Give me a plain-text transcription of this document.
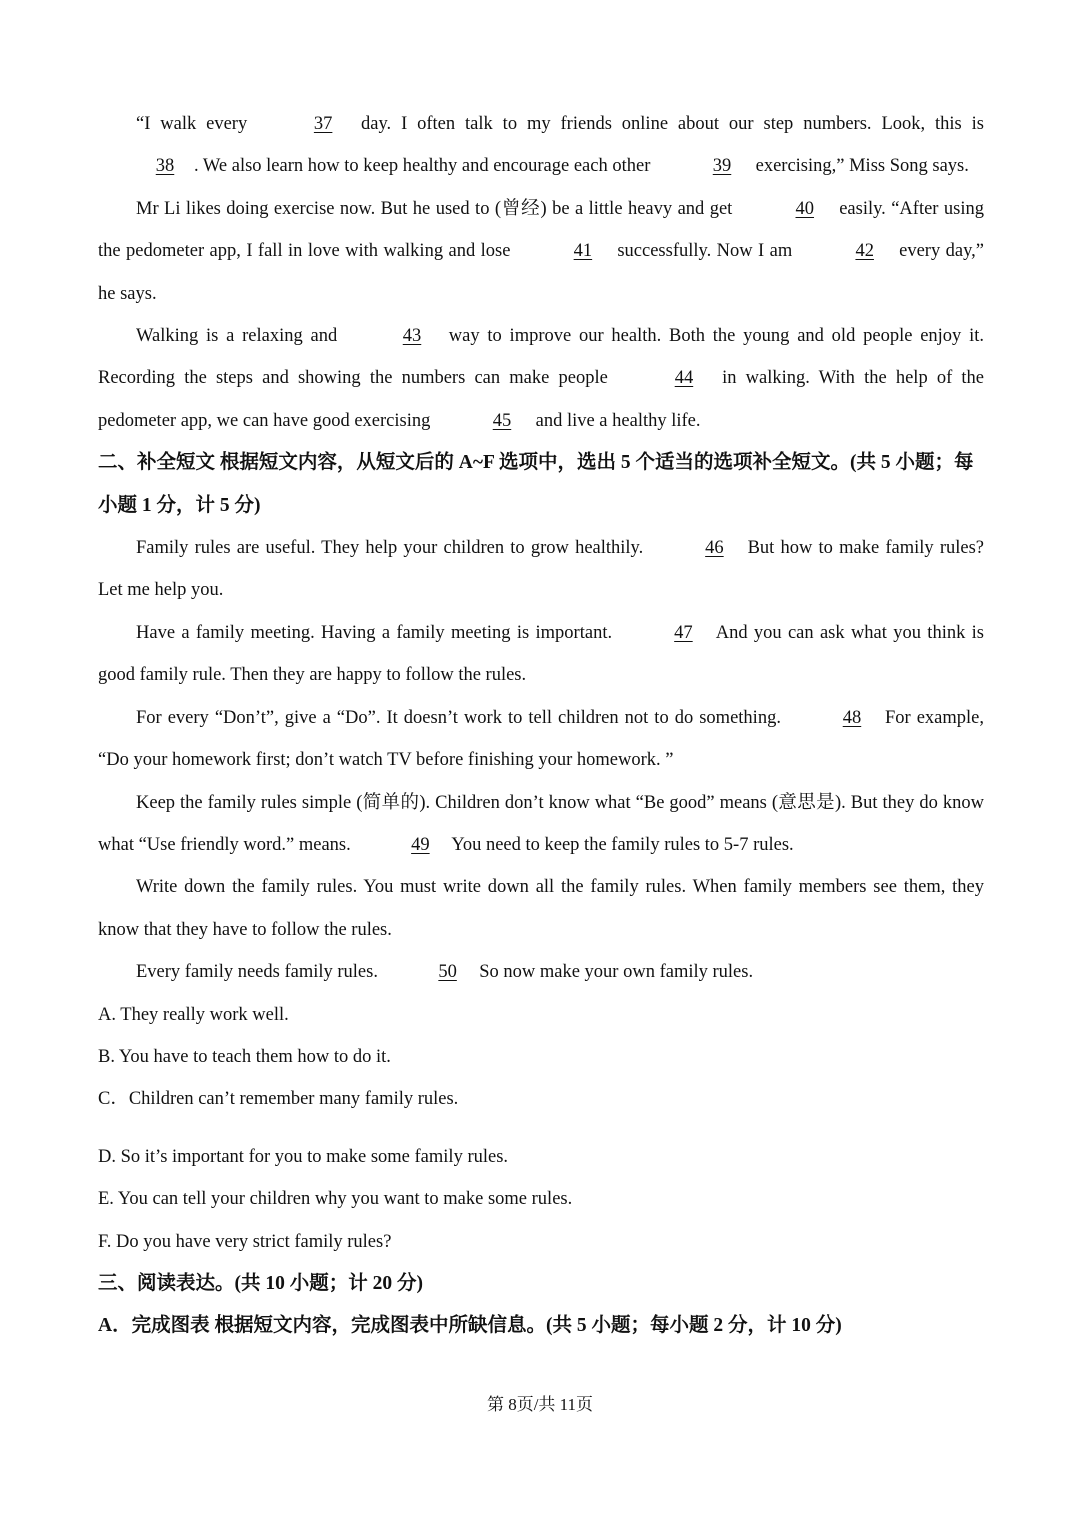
“I walk every	37 day. I often talk to my friends online about our step numbers. Look, this is 38 . We also learn how to keep healthy and encourage each other	39 exercising,” Miss Song says.

Mr Li likes doing exercise now. But he used to (曾经) be a little heavy and get	40 easily. “After using the pedometer app, I fall in love with walking and lose	41 successfully. Now I am	42 every day,” he says.

Walking is a relaxing and	43 way to improve our health. Both the young and old people enjoy it. Recording the steps and showing the numbers can make people	44 in walking. With the help of the pedometer app, we can have good exercising	45 and live a healthy life.

二、补全短文 根据短文内容，从短文后的 A~F 选项中，选出 5 个适当的选项补全短文。(共 5 小题；每小题 1 分，计 5 分)

Family rules are useful. They help your children to grow healthily.	46 But how to make family rules? Let me help you.

Have a family meeting. Having a family meeting is important.	47 And you can ask what you think is good family rule. Then they are happy to follow the rules.

For every “Don’t”, give a “Do”. It doesn’t work to tell children not to do something.	48 For example, “Do your homework first; don’t watch TV before finishing your homework. ”

Keep the family rules simple (简单的). Children don’t know what “Be good” means (意思是). But they do know what “Use friendly word.” means.	49 You need to keep the family rules to 5-7 rules.

Write down the family rules. You must write down all the family rules. When family members see them, they know that they have to follow the rules.

Every family needs family rules.	50 So now make your own family rules.

A. They really work well.

B. You have to teach them how to do it.

C．Children can’t remember many family rules.

D. So it’s important for you to make some family rules.

E. You can tell your children why you want to make some rules.

F. Do you have very strict family rules?

三、阅读表达。(共 10 小题；计 20 分)

A．完成图表 根据短文内容，完成图表中所缺信息。(共 5 小题；每小题 2 分，计 10 分)

第 8页/共 11页
